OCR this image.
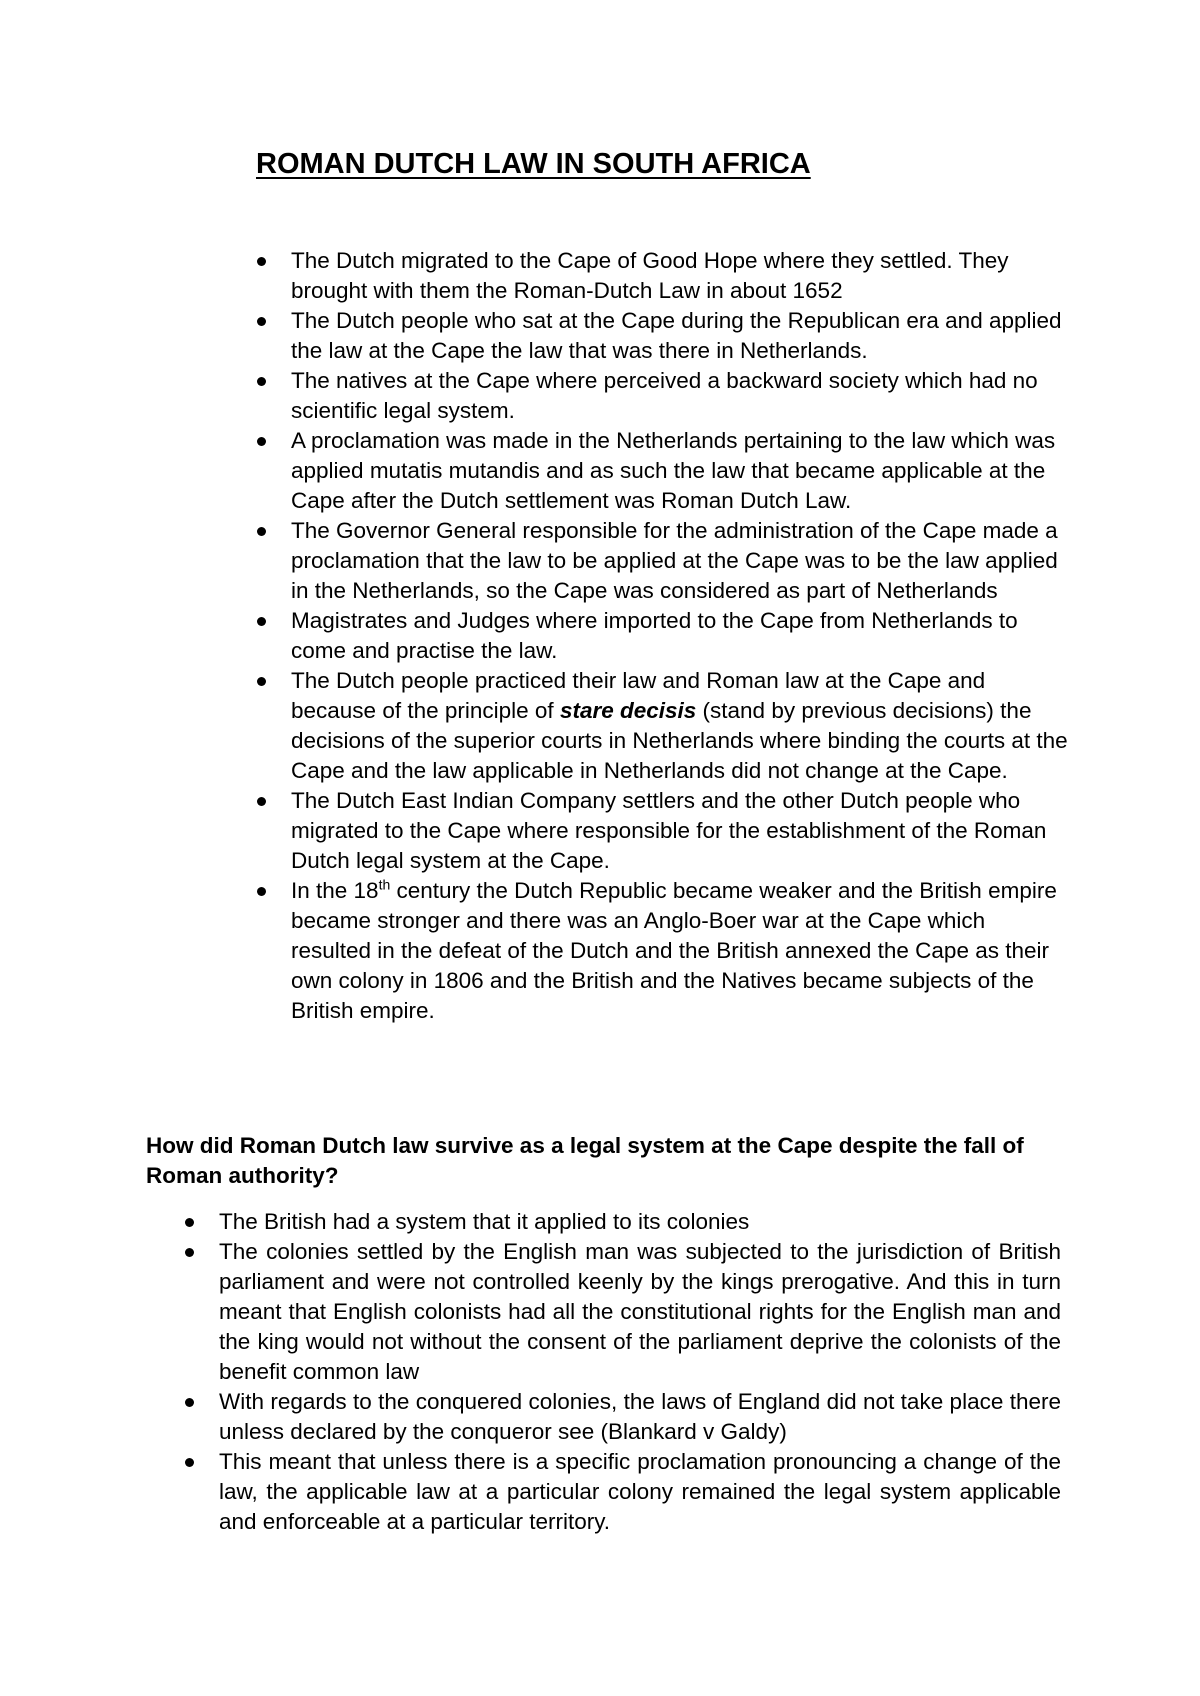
ROMAN DUTCH LAW IN SOUTH AFRICA
The Dutch migrated to the Cape of Good Hope where they settled. They brought with them the Roman-Dutch Law in about 1652
The Dutch people who sat at the Cape during the Republican era and applied the law at the Cape the law that was there in Netherlands.
The natives at the Cape where perceived a backward society which had no scientific legal system.
A proclamation was made in the Netherlands pertaining to the law which was applied mutatis mutandis and as such the law that became applicable at the Cape after the Dutch settlement was Roman Dutch Law.
The Governor General responsible for the administration of the Cape made a proclamation that the law to be applied at the Cape was to be the law applied in the Netherlands, so the Cape was considered as part of Netherlands
Magistrates and Judges where imported to the Cape from Netherlands to come and practise the law.
The Dutch people practiced their law and Roman law at the Cape and because of the principle of stare decisis (stand by previous decisions) the decisions of the superior courts in Netherlands where binding the courts at the Cape and the law applicable in Netherlands did not change at the Cape.
The Dutch East Indian Company settlers and the other Dutch people who migrated to the Cape where responsible for the establishment of the Roman Dutch legal system at the Cape.
In the 18th century the Dutch Republic became weaker and the British empire became stronger and there was an Anglo-Boer war at the Cape which resulted in the defeat of the Dutch and the British annexed the Cape as their own colony in 1806 and the British and the Natives became subjects of the British empire.
How did Roman Dutch law survive as a legal system at the Cape despite the fall of Roman authority?
The British had a system that it applied to its colonies
The colonies settled by the English man was subjected to the jurisdiction of British parliament and were not controlled keenly by the kings prerogative. And this in turn meant that English colonists had all the constitutional rights for the English man and the king would not without the consent of the parliament deprive the colonists of the benefit common law
With regards to the conquered colonies, the laws of England did not take place there unless declared by the conqueror see (Blankard v Galdy)
This meant that unless there is a specific proclamation pronouncing a change of the law, the applicable law at a particular colony remained the legal system applicable and enforceable at a particular territory.
